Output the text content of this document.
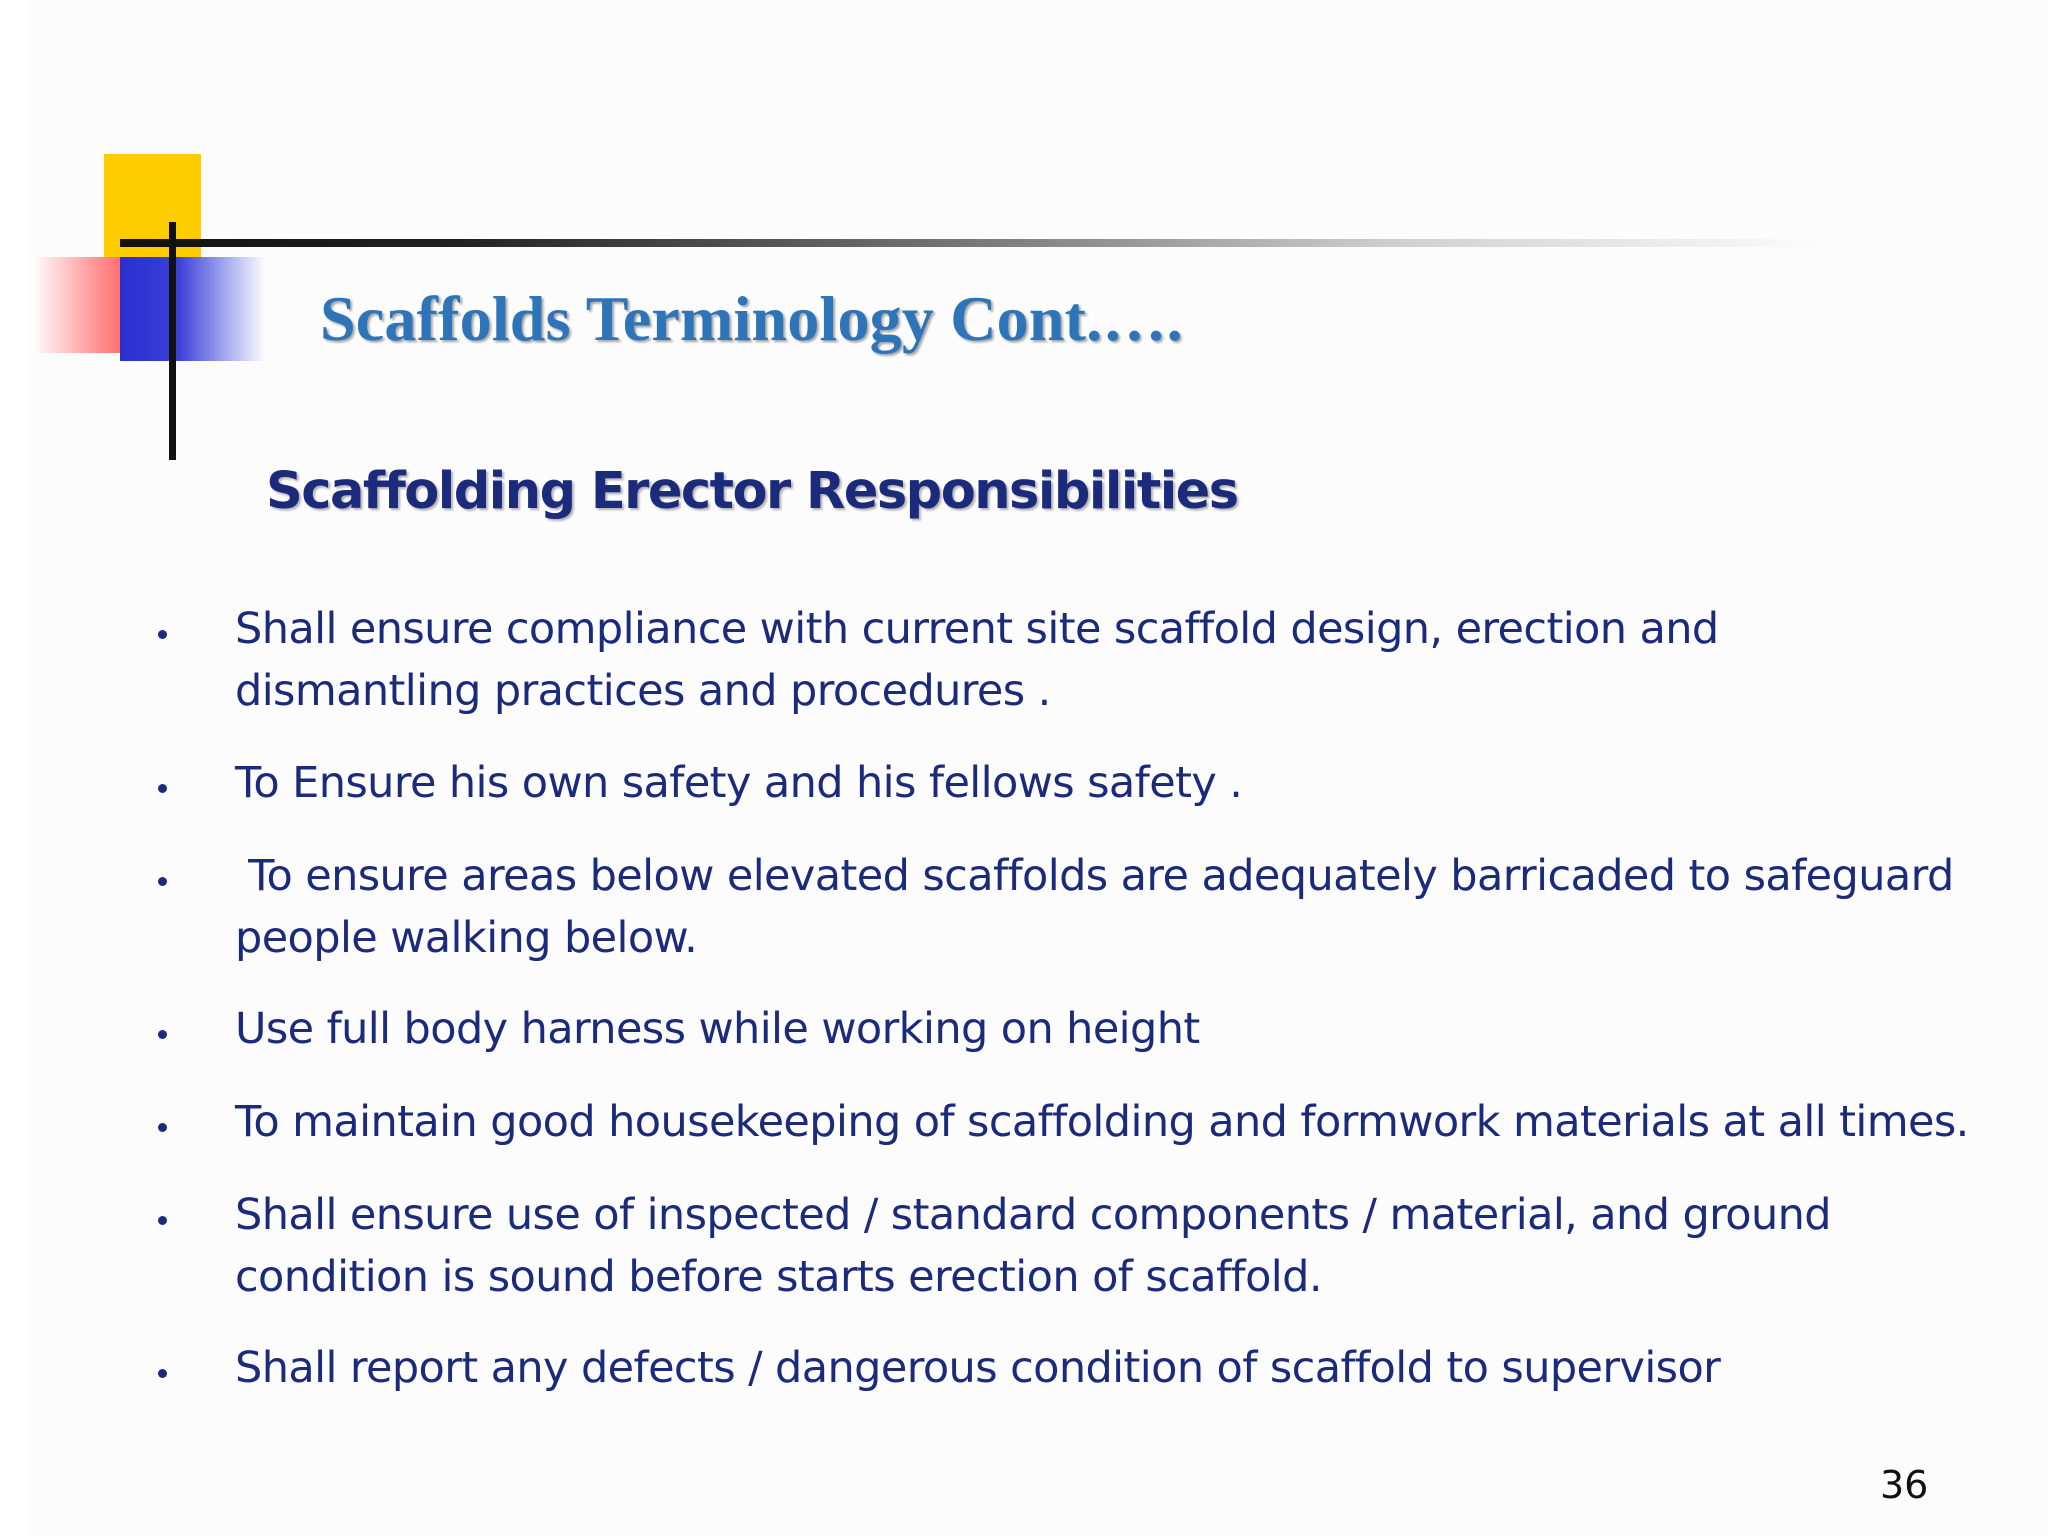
Scaffolds Terminology Cont.….
Scaffolding Erector Responsibilities
Shall ensure compliance with current site scaffold design, erection and dismantling practices and procedures .
To Ensure his own safety and his fellows safety .
To ensure areas below elevated scaffolds are adequately barricaded to safeguard people walking below.
Use full body harness while working on height
To maintain good housekeeping of scaffolding and formwork materials at all times.
Shall ensure use of inspected / standard components / material, and ground condition is sound before starts erection of scaffold.
Shall report any defects / dangerous condition of scaffold to supervisor
36
